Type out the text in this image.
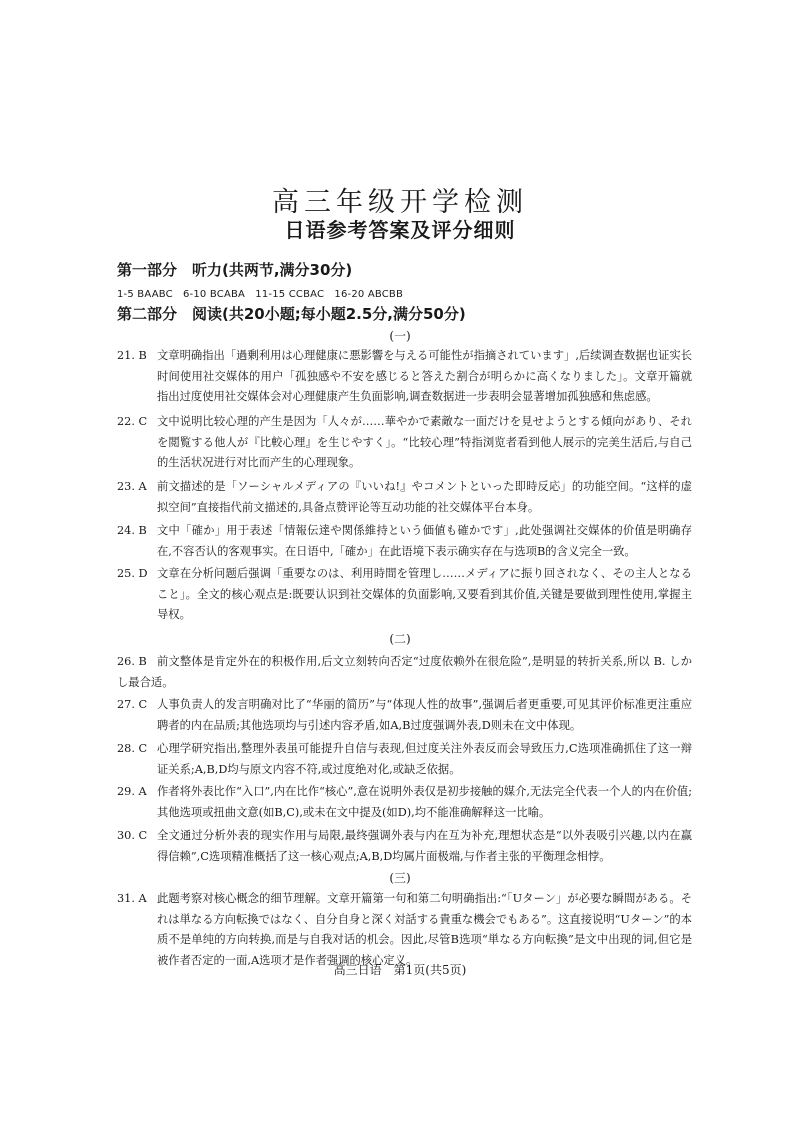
高三年级开学检测
日语参考答案及评分细则
第一部分　听力(共两节,满分30分)
1-5 BAABC　6-10 BCABA　11-15 CCBAC　16-20 ABCBB
第二部分　阅读(共20小题;每小题2.5分,满分50分)
(一)
21. B 文章明确指出「過剰利用は心理健康に悪影響を与える可能性が指摘されています」,后续调查数据也证实长时间使用社交媒体的用户「孤独感や不安を感じると答えた割合が明らかに高くなりました」。文章开篇就指出过度使用社交媒体会对心理健康产生负面影响,调查数据进一步表明会显著增加孤独感和焦虑感。
22. C 文中说明比较心理的产生是因为「人々が……華やかで素敵な一面だけを見せようとする傾向があり、それを閲覧する他人が『比較心理』を生じやすく」。“比较心理”特指浏览者看到他人展示的完美生活后,与自己的生活状况进行对比而产生的心理现象。
23. A 前文描述的是「ソーシャルメディアの『いいね!』やコメントといった即時反応」的功能空间。“这样的虚拟空间”直接指代前文描述的,具备点赞评论等互动功能的社交媒体平台本身。
24. B 文中「確か」用于表述「情報伝達や関係維持という価値も確かです」,此处强调社交媒体的价值是明确存在,不容否认的客观事实。在日语中,「確か」在此语境下表示确实存在与选项B的含义完全一致。
25. D 文章在分析问题后强调「重要なのは、利用時間を管理し……メディアに振り回されなく、その主人となること」。全文的核心观点是:既要认识到社交媒体的负面影响,又要看到其价值,关键是要做到理性使用,掌握主导权。
(二)
26. B 前文整体是肯定外在的积极作用,后文立刻转向否定“过度依赖外在很危险”,是明显的转折关系,所以 B. しかし最合适。
27. C 人事负责人的发言明确对比了“华丽的简历”与“体现人性的故事”,强调后者更重要,可见其评价标准更注重应聘者的内在品质;其他选项均与引述内容矛盾,如A,B过度强调外表,D则未在文中体现。
28. C 心理学研究指出,整理外表虽可能提升自信与表现,但过度关注外表反而会导致压力,C选项准确抓住了这一辩证关系;A,B,D均与原文内容不符,或过度绝对化,或缺乏依据。
29. A 作者将外表比作“入口”,内在比作“核心”,意在说明外表仅是初步接触的媒介,无法完全代表一个人的内在价值;其他选项或扭曲文意(如B,C),或未在文中提及(如D),均不能准确解释这一比喻。
30. C 全文通过分析外表的现实作用与局限,最终强调外表与内在互为补充,理想状态是“以外表吸引兴趣,以内在赢得信赖”,C选项精准概括了这一核心观点;A,B,D均属片面极端,与作者主张的平衡理念相悖。
(三)
31. A 此题考察对核心概念的细节理解。文章开篇第一句和第二句明确指出:“「Uターン」が必要な瞬間がある。それは単なる方向転換ではなく、自分自身と深く対話する貴重な機会でもある”。这直接说明“Uターン”的本质不是单纯的方向转换,而是与自我对话的机会。因此,尽管B选项“単なる方向転換”是文中出现的词,但它是被作者否定的一面,A选项才是作者强调的核心定义。
高三日语　第1页(共5页)
